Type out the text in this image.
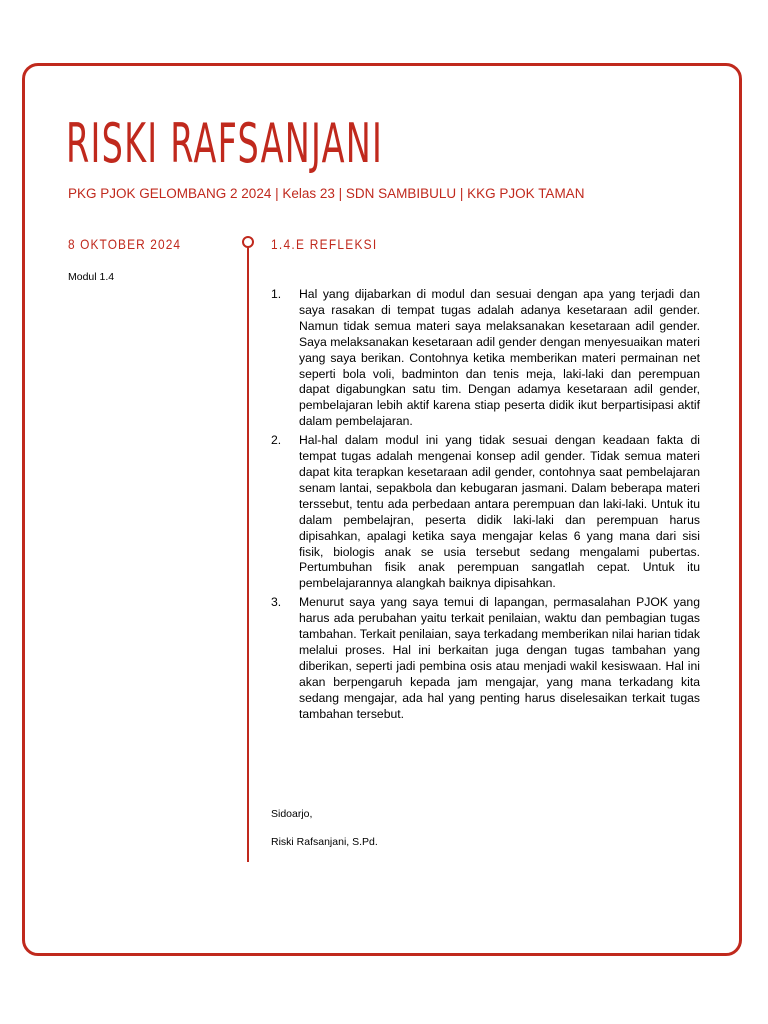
RISKI RAFSANJANI
PKG PJOK GELOMBANG 2 2024 | Kelas 23 | SDN SAMBIBULU | KKG PJOK TAMAN
8 OKTOBER 2024
Modul 1.4
1.4.E REFLEKSI
1. Hal yang dijabarkan di modul dan sesuai dengan apa yang terjadi dan saya rasakan di tempat tugas adalah adanya kesetaraan adil gender. Namun tidak semua materi saya melaksanakan kesetaraan adil gender. Saya melaksanakan kesetaraan adil gender dengan menyesuaikan materi yang saya berikan. Contohnya ketika memberikan materi permainan net seperti bola voli, badminton dan tenis meja, laki-laki dan perempuan dapat digabungkan satu tim. Dengan adamya kesetaraan adil gender, pembelajaran lebih aktif karena stiap peserta didik ikut berpartisipasi aktif dalam pembelajaran.
2. Hal-hal dalam modul ini yang tidak sesuai dengan keadaan fakta di tempat tugas adalah mengenai konsep adil gender. Tidak semua materi dapat kita terapkan kesetaraan adil gender, contohnya saat pembelajaran senam lantai, sepakbola dan kebugaran jasmani. Dalam beberapa materi terssebut, tentu ada perbedaan antara perempuan dan laki-laki. Untuk itu dalam pembelajran, peserta didik laki-laki dan perempuan harus dipisahkan, apalagi ketika saya mengajar kelas 6 yang mana dari sisi fisik, biologis anak se usia tersebut sedang mengalami pubertas. Pertumbuhan fisik anak perempuan sangatlah cepat. Untuk itu pembelajarannya alangkah baiknya dipisahkan.
3. Menurut saya yang saya temui di lapangan, permasalahan PJOK yang harus ada perubahan yaitu terkait penilaian, waktu dan pembagian tugas tambahan. Terkait penilaian, saya terkadang memberikan nilai harian tidak melalui proses. Hal ini berkaitan juga dengan tugas tambahan yang diberikan, seperti jadi pembina osis atau menjadi wakil kesiswaan. Hal ini akan berpengaruh kepada jam mengajar, yang mana terkadang kita sedang mengajar, ada hal yang penting harus diselesaikan terkait tugas tambahan tersebut.
Sidoarjo,
Riski Rafsanjani, S.Pd.
